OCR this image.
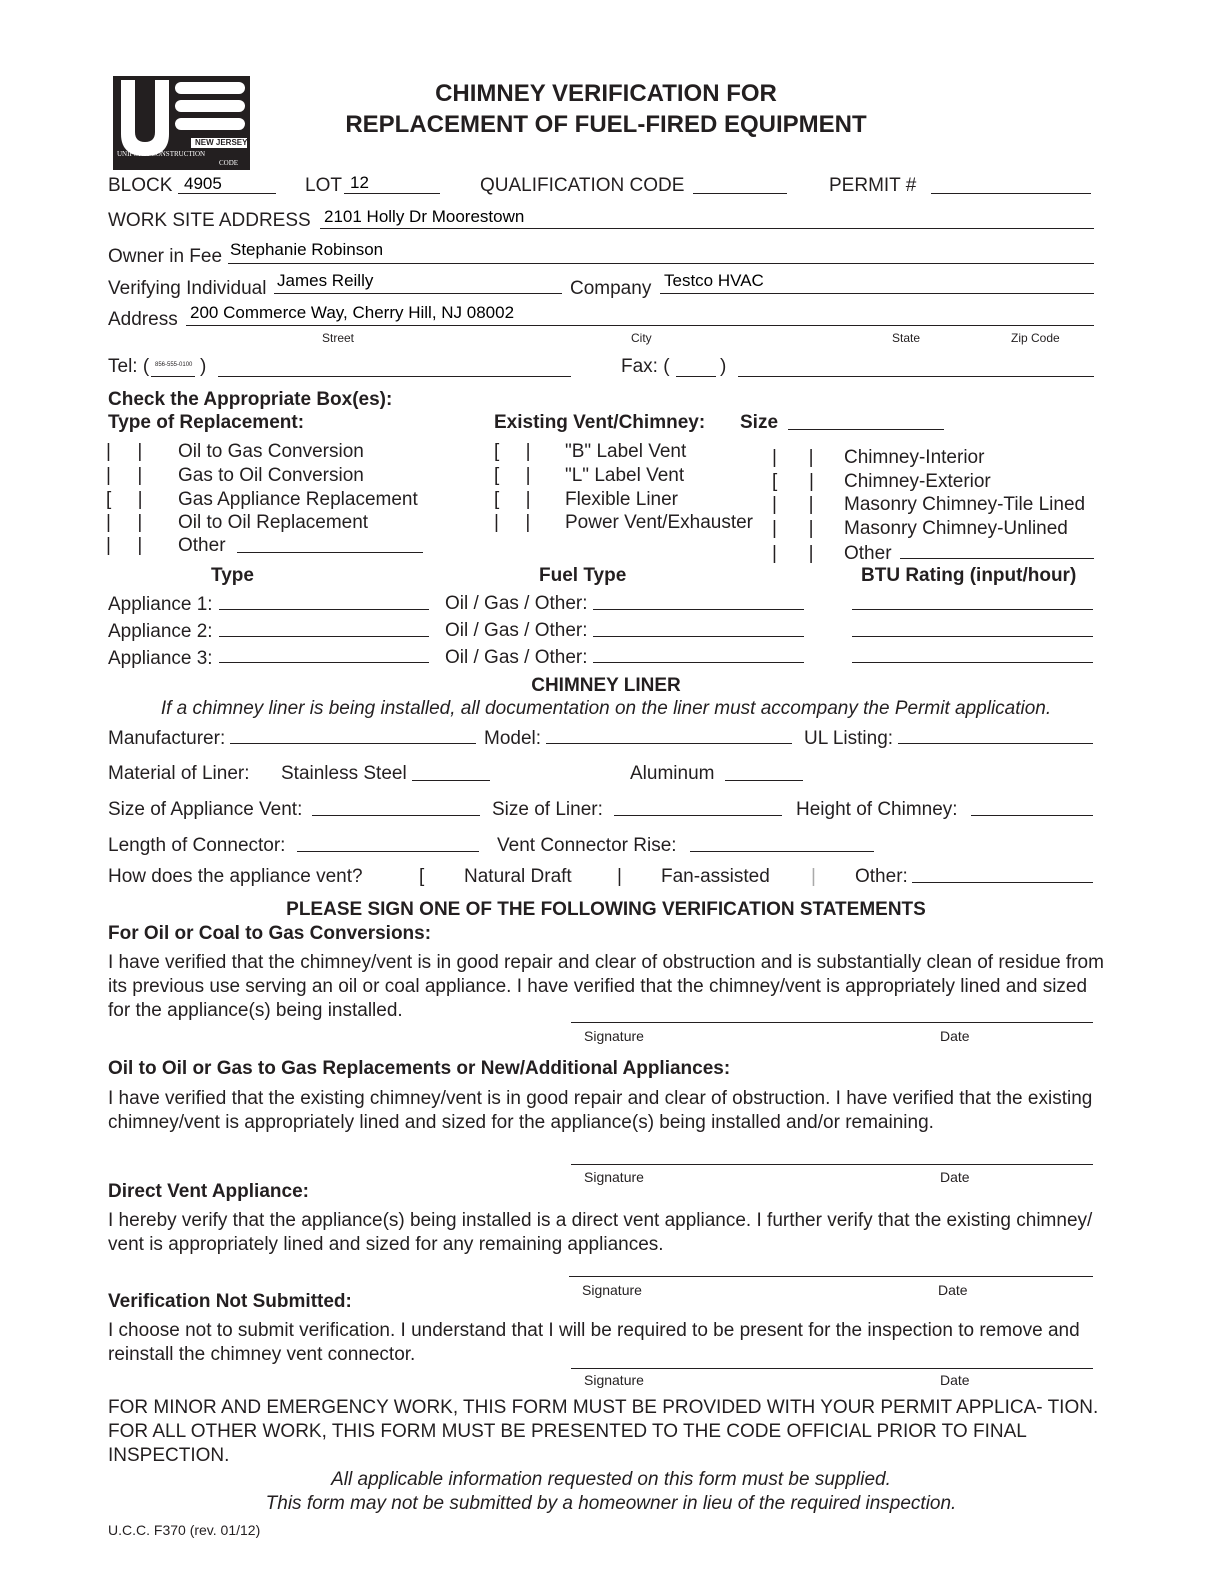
NEW JERSEY
UNIFORM CONSTRUCTION
CODE
CHIMNEY VERIFICATION FOR
REPLACEMENT OF FUEL-FIRED EQUIPMENT
BLOCK 4905	LOT 12	QUALIFICATION CODE	PERMIT #
WORK SITE ADDRESS 2101 Holly Dr Moorestown
Owner in Fee Stephanie Robinson
Verifying Individual James Reilly	Company Testco HVAC
Address 200 Commerce Way, Cherry Hill, NJ 08002
Street	City	State	Zip Code
Tel: ( 856-555-0100 )	Fax: (	)
Check the Appropriate Box(es):
Type of Replacement:	Existing Vent/Chimney: Size
|     | Oil to Gas Conversion
|     | Gas to Oil Conversion
[     | Gas Appliance Replacement
|     | Oil to Oil Replacement
|     | Other
[     | "B" Label Vent
[     | "L" Label Vent
[     | Flexible Liner
|     | Power Vent/Exhauster
|      | Chimney-Interior
[      | Chimney-Exterior
|      | Masonry Chimney-Tile Lined
|      | Masonry Chimney-Unlined
|      | Other
Type	Fuel Type	BTU Rating (input/hour)
Appliance 1:	Oil / Gas / Other:
Appliance 2:	Oil / Gas / Other:
Appliance 3:	Oil / Gas / Other:
CHIMNEY LINER
If a chimney liner is being installed, all documentation on the liner must accompany the Permit application.
Manufacturer:	Model:	UL Listing:
Material of Liner: Stainless Steel	Aluminum
Size of Appliance Vent:	Size of Liner:	Height of Chimney:
Length of Connector:	Vent Connector Rise:
How does the appliance vent?	[ Natural Draft | Fan-assisted | Other:
PLEASE SIGN ONE OF THE FOLLOWING VERIFICATION STATEMENTS
For Oil or Coal to Gas Conversions:
I have verified that the chimney/vent is in good repair and clear of obstruction and is substantially clean of residue from its previous use serving an oil or coal appliance. I have verified that the chimney/vent is appropriately lined and sized for the appliance(s) being installed.
Signature	Date
Oil to Oil or Gas to Gas Replacements or New/Additional Appliances:
I have verified that the existing chimney/vent is in good repair and clear of obstruction. I have verified that the existing chimney/vent is appropriately lined and sized for the appliance(s) being installed and/or remaining.
Signature	Date
Direct Vent Appliance:
I hereby verify that the appliance(s) being installed is a direct vent appliance. I further verify that the existing chimney/ vent is appropriately lined and sized for any remaining appliances.
Signature	Date
Verification Not Submitted:
I choose not to submit verification. I understand that I will be required to be present for the inspection to remove and reinstall the chimney vent connector.
Signature	Date
FOR MINOR AND EMERGENCY WORK, THIS FORM MUST BE PROVIDED WITH YOUR PERMIT APPLICA- TION. FOR ALL OTHER WORK, THIS FORM MUST BE PRESENTED TO THE CODE OFFICIAL PRIOR TO FINAL INSPECTION.
All applicable information requested on this form must be supplied.
This form may not be submitted by a homeowner in lieu of the required inspection.
U.C.C. F370 (rev. 01/12)
